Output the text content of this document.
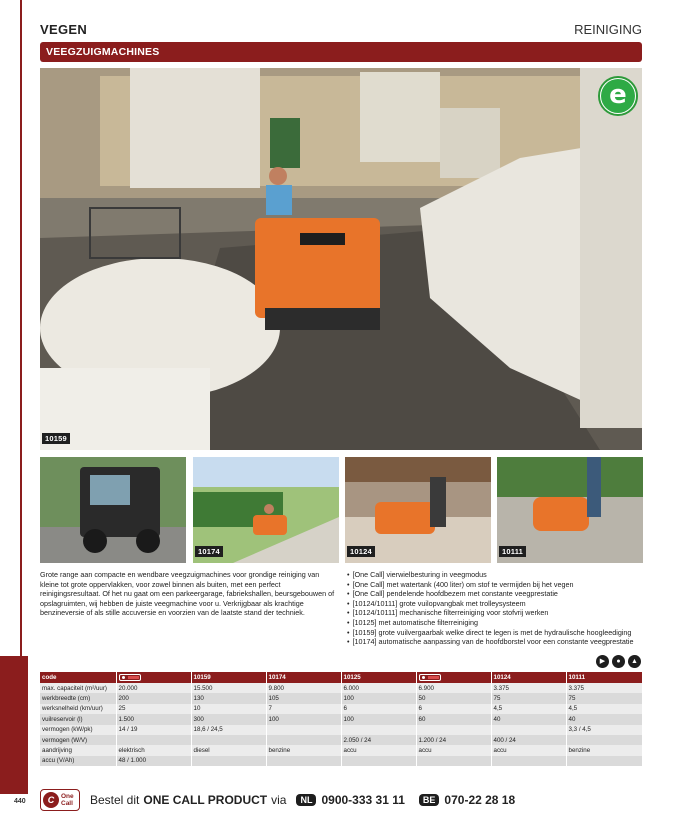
VEGEN	REINIGING
VEEGZUIGMACHINES
10159
e
10174	10124	10111

Grote range aan compacte en wendbare veegzuigmachines voor grondige reiniging van kleine tot grote oppervlakken, voor zowel binnen als buiten, met een perfect reinigingsresultaat. Of het nu gaat om een parkeergarage, fabriekshallen, beursgebouwen of opslagruimten, wij hebben de juiste veegmachine voor u. Verkrijgbaar als krachtige benzineversie of als stille accuversie en voorzien van de laatste stand der techniek.

• [One Call] vierwielbesturing in veegmodus
• [One Call] met watertank (400 liter) om stof te vermijden bij het vegen
• [One Call] pendelende hoofdbezem met constante veegprestatie
• [10124/10111] grote vuilopvangbak met trolleysysteem
• [10124/10111] mechanische filterreiniging voor stofvrij werken
• [10125] met automatische filterreiniging
• [10159] grote vuilvergaarbak welke direct te legen is met de hydraulische hoogleediging
• [10174] automatische aanpassing van de hoofdborstel voor een constante veegprestatie
▶	●	▲
code		10159	10174	10125		10124	10111
max. capaciteit (m²/uur)	20.000	15.500	9.800	6.000	6.900	3.375	3.375
werkbreedte (cm)	200	130	105	100	50	75	75
werksnelheid (km/uur)	25	10	7	6	6	4,5	4,5
vuilreservoir (l)	1.500	300	100	100	60	40	40
vermogen (kW/pk)	14 / 19	18,6 / 24,5					3,3 / 4,5
vermogen (W/V)				2.050 / 24	1.200 / 24	400 / 24	
aandrijving	elektrisch	diesel	benzine	accu	accu	accu	benzine
accu (V/Ah)	48 / 1.000						
440	C	One Call	Bestel dit ONE CALL PRODUCT via	NL 0900-333 31 11	BE 070-22 28 18
